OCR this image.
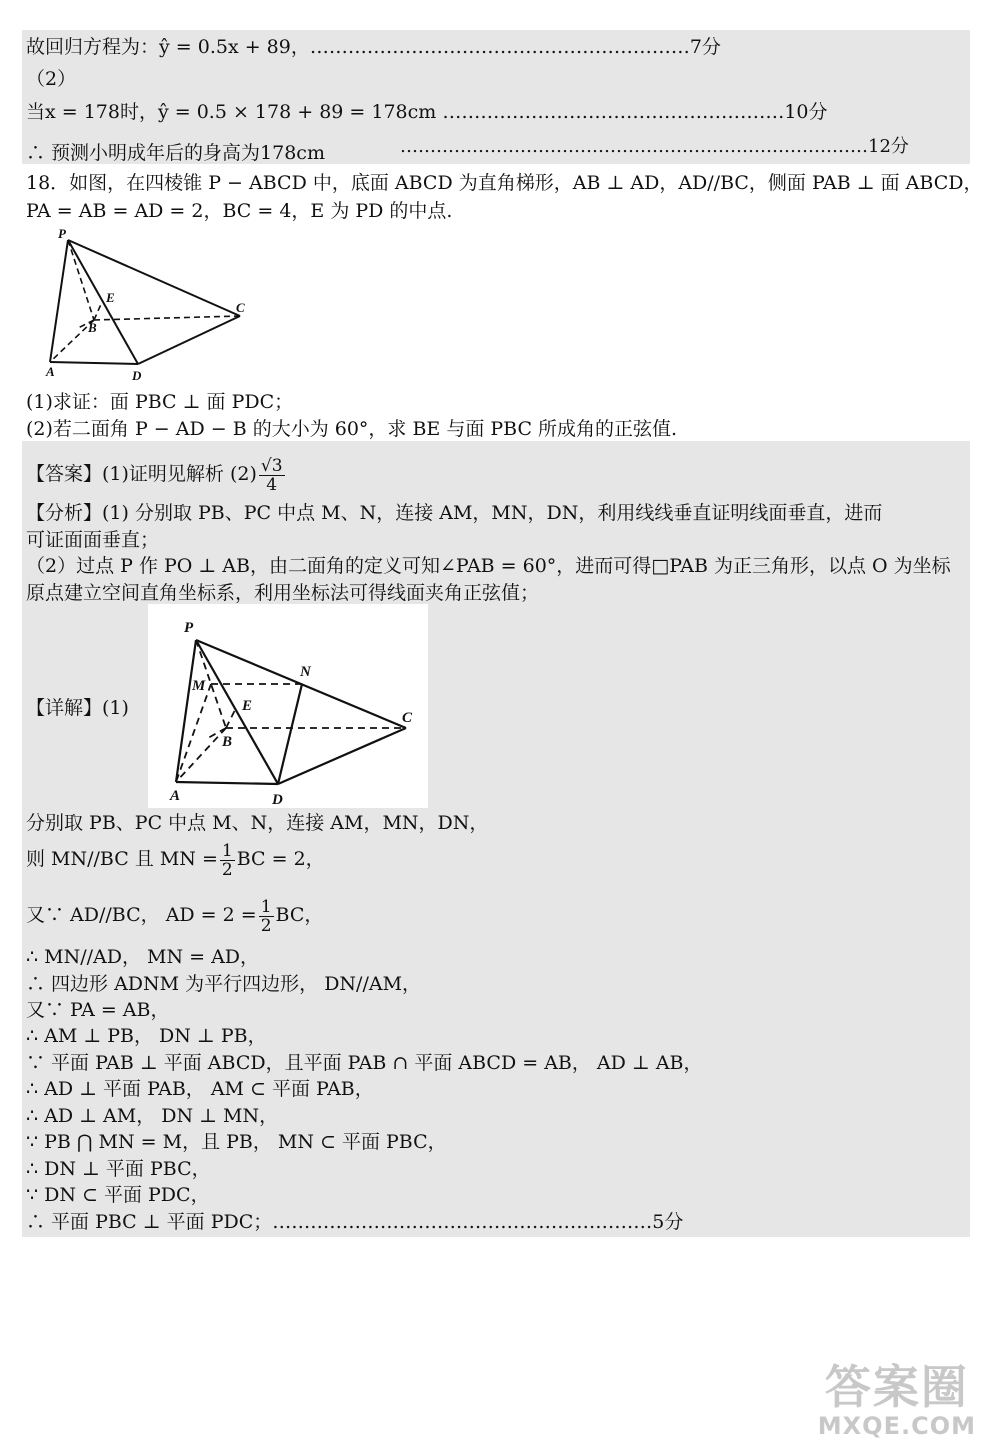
故回归方程为：ŷ = 0.5x + 89，……………………………………………………7分
（2）
当x = 178时，ŷ = 0.5 × 178 + 89 = 178cm ………………………………………………10分
∴ 预测小明成年后的身高为178cm	……………………………………………………………………12分
18．如图，在四棱锥 P − ABCD 中，底面 ABCD 为直角梯形，AB ⊥ AD，AD//BC，侧面 PAB ⊥ 面 ABCD，
PA = AB = AD = 2，BC = 4，E 为 PD 的中点.
P
E
B
C
A	D
(1)求证：面 PBC ⊥ 面 PDC；
(2)若二面角 P − AD − B 的大小为 60°，求 BE 与面 PBC 所成角的正弦值.
【答案】(1)证明见解析 $(2) \frac{√3}{4}$
【分析】(1) 分别取 PB、PC 中点 M、N，连接 AM，MN，DN，利用线线垂直证明线面垂直，进而
可证面面垂直；
（2）过点 P 作 PO ⊥ AB，由二面角的定义可知∠PAB = 60°，进而可得□PAB 为正三角形，以点 O 为坐标
原点建立空间直角坐标系，利用坐标法可得线面夹角正弦值；
【详解】(1)
P
M
N
E
B
C
A	D
分别取 PB、PC 中点 M、N，连接 AM，MN，DN，
则 MN//BC 且 MN = $\frac{1}{2}$ BC = 2，
又∵ AD//BC， AD = $2 = \frac{1}{2}$ BC，
∴ MN//AD， MN = AD，
∴ 四边形 ADNM 为平行四边形， DN//AM，
又∵ PA = AB，
∴ AM ⊥ PB， DN ⊥ PB，
∵ 平面 PAB ⊥ 平面 ABCD，且平面 PAB ∩ 平面 ABCD = AB， AD ⊥ AB，
∴ AD ⊥ 平面 PAB， AM ⊂ 平面 PAB，
∴ AD ⊥ AM， DN ⊥ MN，
∵ PB ⋂ MN = M，且 PB， MN ⊂ 平面 PBC，
∴ DN ⊥ 平面 PBC，
∵ DN ⊂ 平面 PDC，
∴ 平面 PBC ⊥ 平面 PDC；……………………………………………………5分
答案圈
MXQE.COM
